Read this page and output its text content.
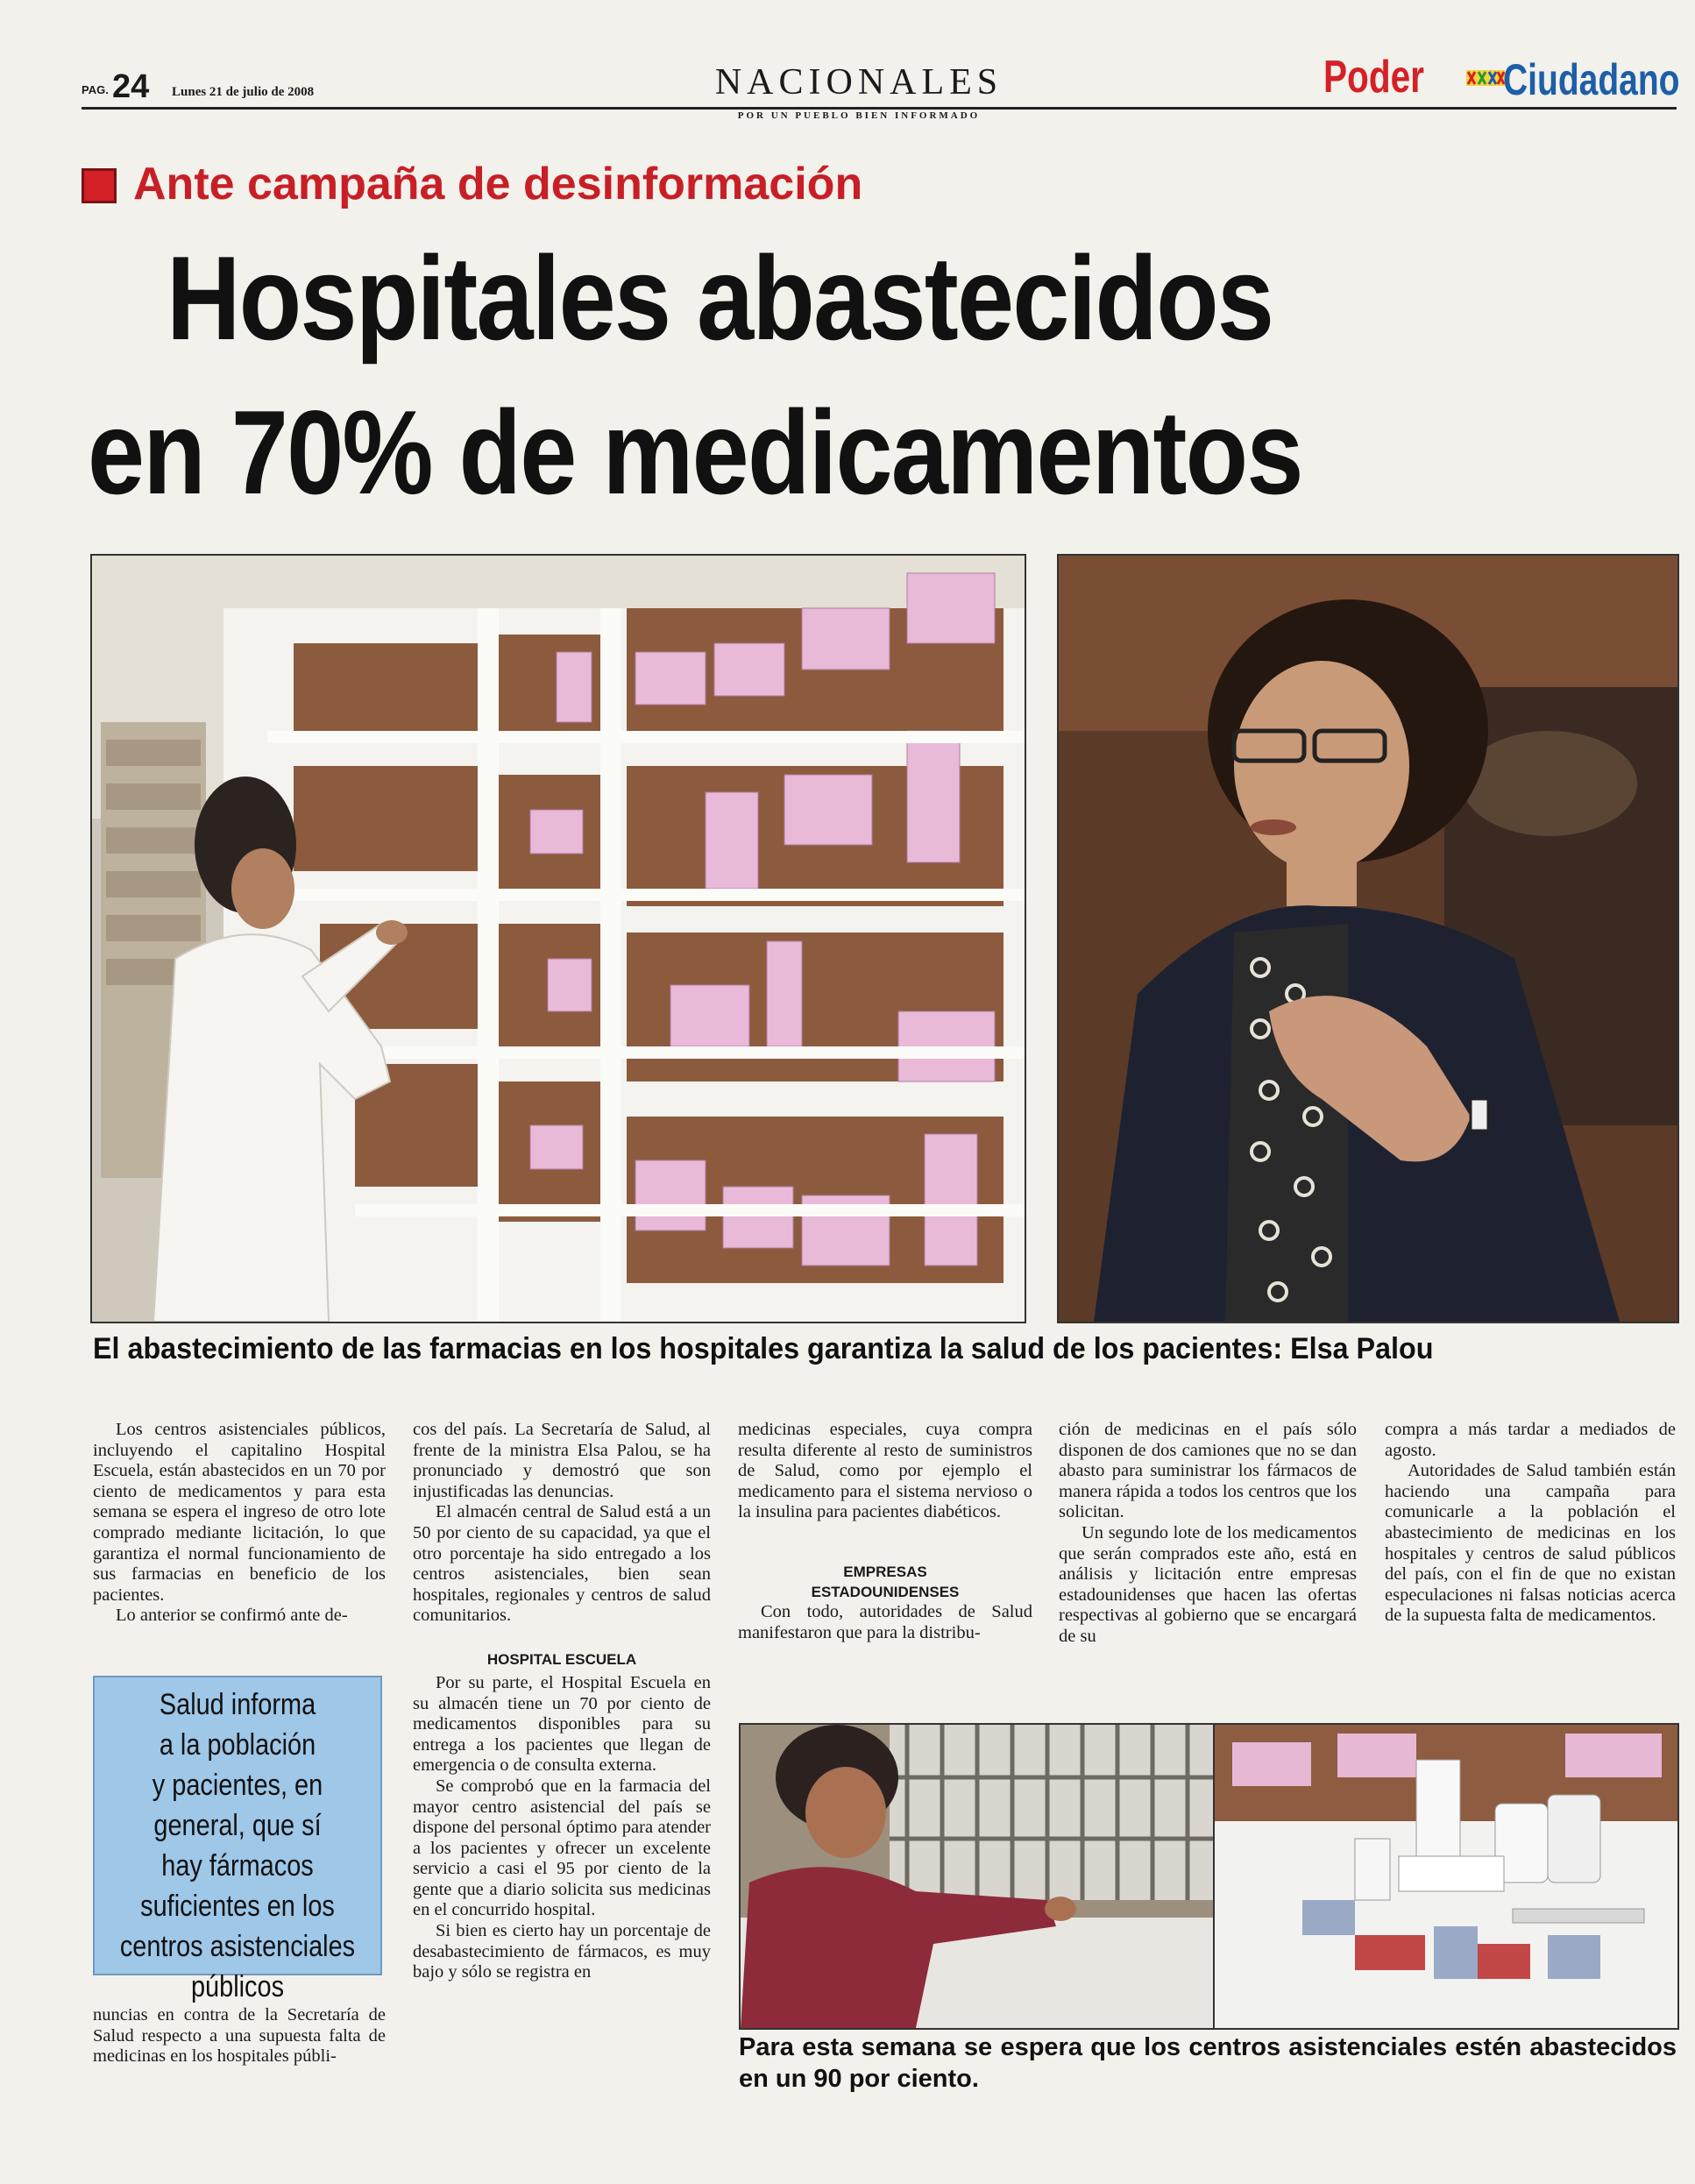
PAG. 24 Lunes 21 de julio de 2008	NACIONALES
POR UN PUEBLO BIEN INFORMADO
Poder Ciudadano
Ante campaña de desinformación
Hospitales abastecidos
en 70% de medicamentos
El abastecimiento de las farmacias en los hospitales garantiza la salud de los pacientes: Elsa Palou

Los centros asistenciales públicos, incluyendo el capitalino Hospital Escuela, están abastecidos en un 70 por ciento de medicamentos y para esta semana se espera el ingreso de otro lote comprado mediante licitación, lo que garantiza el normal funcionamiento de sus farmacias en beneficio de los pacientes.

Lo anterior se confirmó ante de-

Salud informa
a la población
y pacientes, en
general, que sí
hay fármacos
suficientes en los
centros asistenciales
públicos

nuncias en contra de la Secretaría de Salud respecto a una supuesta falta de medicinas en los hospitales públi-

cos del país. La Secretaría de Salud, al frente de la ministra Elsa Palou, se ha pronunciado y demostró que son injustificadas las denuncias.

El almacén central de Salud está a un 50 por ciento de su capacidad, ya que el otro porcentaje ha sido entregado a los centros asistenciales, bien sean hospitales, regionales y centros de salud comunitarios.

HOSPITAL ESCUELA

Por su parte, el Hospital Escuela en su almacén tiene un 70 por ciento de medicamentos disponibles para su entrega a los pacientes que llegan de emergencia o de consulta externa.

Se comprobó que en la farmacia del mayor centro asistencial del país se dispone del personal óptimo para atender a los pacientes y ofrecer un excelente servicio a casi el 95 por ciento de la gente que a diario solicita sus medicinas en el concurrido hospital.

Si bien es cierto hay un porcentaje de desabastecimiento de fármacos, es muy bajo y sólo se registra en

medicinas especiales, cuya compra resulta diferente al resto de suministros de Salud, como por ejemplo el medicamento para el sistema nervioso o la insulina para pacientes diabéticos.

EMPRESAS
ESTADOUNIDENSES

Con todo, autoridades de Salud manifestaron que para la distribu-

ción de medicinas en el país sólo disponen de dos camiones que no se dan abasto para suministrar los fármacos de manera rápida a todos los centros que los solicitan.

Un segundo lote de los medicamentos que serán comprados este año, está en análisis y licitación entre empresas estadounidenses que hacen las ofertas respectivas al gobierno que se encargará de su

compra a más tardar a mediados de agosto.

Autoridades de Salud también están haciendo una campaña para comunicarle a la población el abastecimiento de medicinas en los hospitales y centros de salud públicos del país, con el fin de que no existan especulaciones ni falsas noticias acerca de la supuesta falta de medicamentos.

Para esta semana se espera que los centros asistenciales estén abastecidos en un 90 por ciento.
